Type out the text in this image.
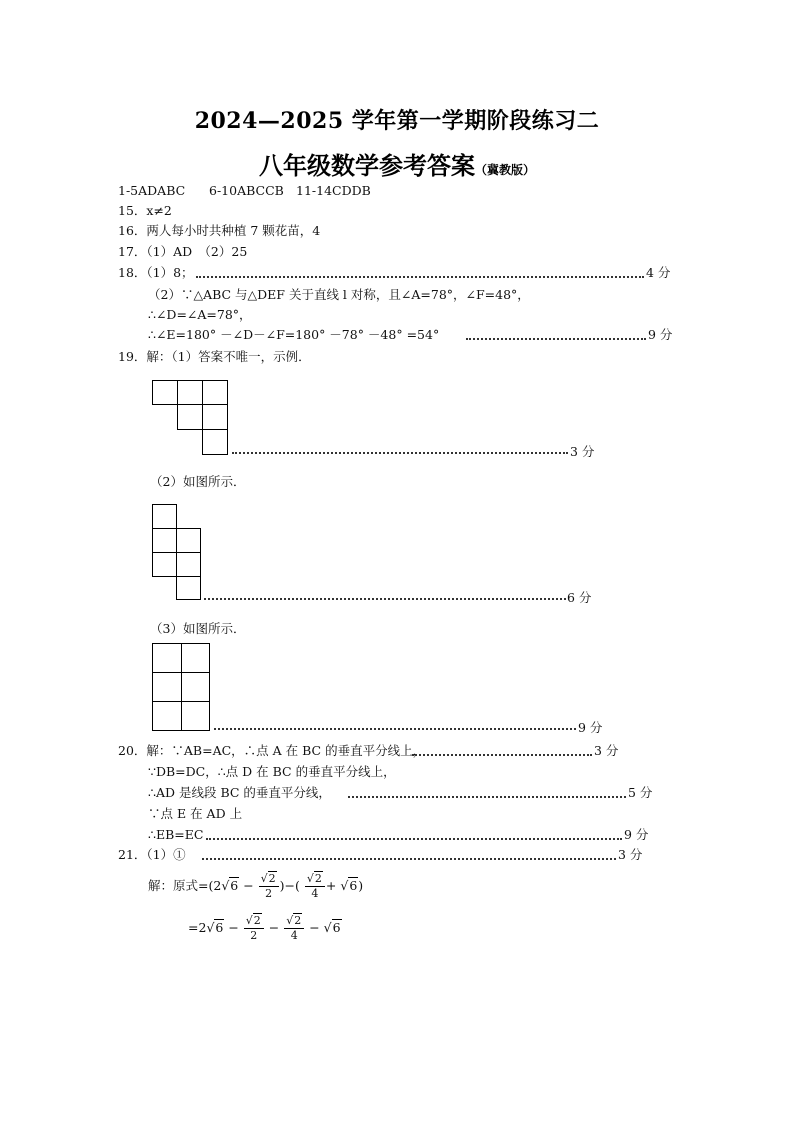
2024—2025 学年第一学期阶段练习二
八年级数学参考答案（冀教版）
1-5ADABC 6-10ABCCB 11-14CDDB
15．x≠2
16．两人每小时共种植 7 颗花苗，4
17．（1）AD　（2）25
18．（1）8；	4 分
（2）∵△ABC 与△DEF 关于直线 l 对称，且∠A=78°，∠F=48°，
∴∠D=∠A=78°，
∴∠E=180° －∠D－∠F=180° －78° －48° =54°	9 分
19．解：（1）答案不唯一，示例．
3 分
（2）如图所示．
6 分
（3）如图所示．
9 分
20．解：∵AB=AC，∴点 A 在 BC 的垂直平分线上，	3 分
∵DB=DC，∴点 D 在 BC 的垂直平分线上，
∴AD 是线段 BC 的垂直平分线，	5 分
∵点 E 在 AD 上
∴EB=EC	9 分
21．（1）①	3 分
解：原式$=(2√6 - \frac{√2}{2}$ )−( $\frac{√2}{4} + √6$)
$=2√6 - \frac{√2}{2} - \frac{√2}{4} - √6$
